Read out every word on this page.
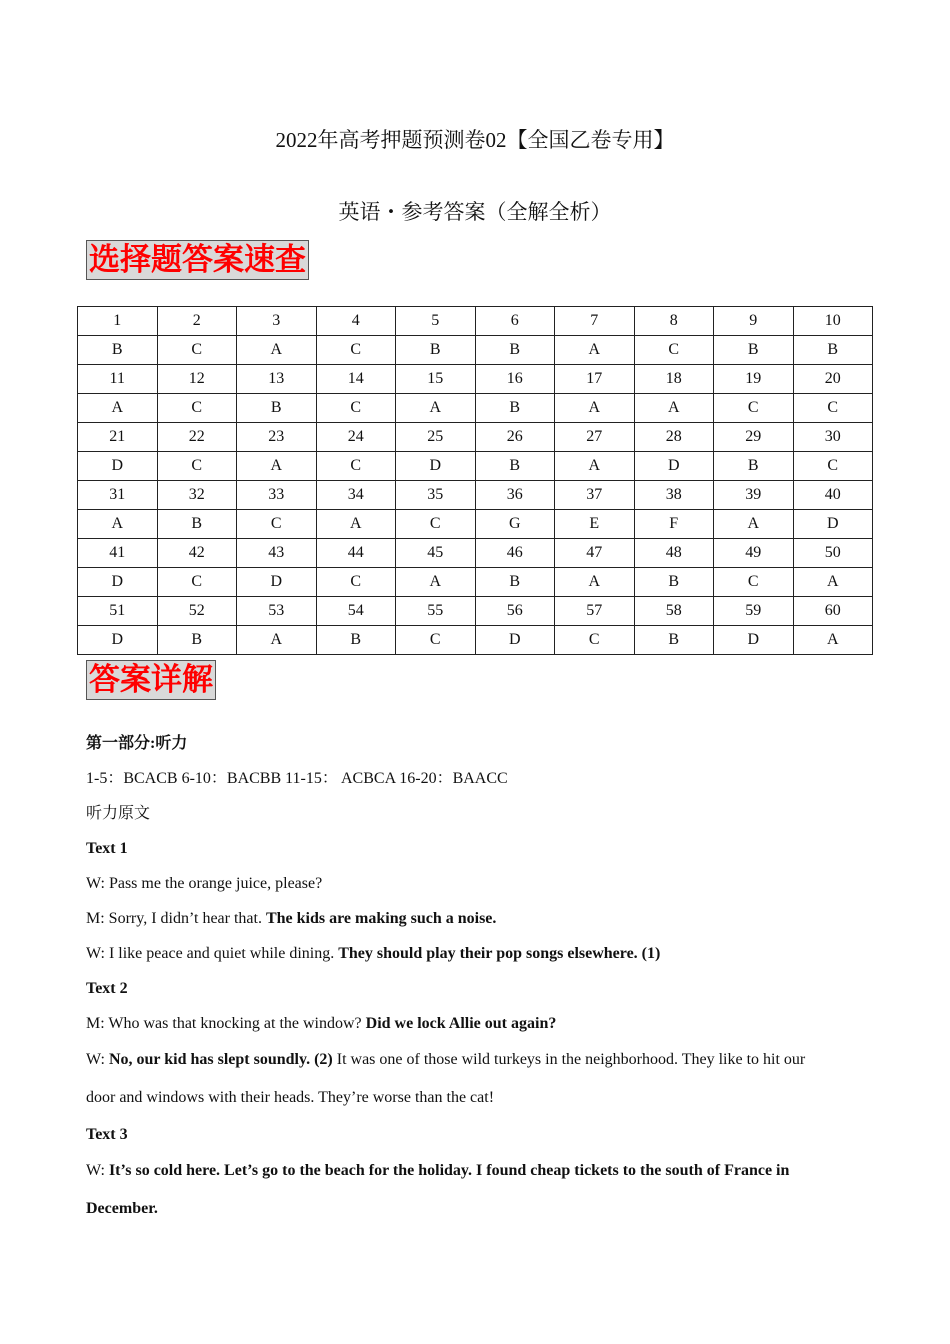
2022年高考押题预测卷02【全国乙卷专用】
英语・参考答案（全解全析）
选择题答案速查
1	2	3	4	5	6	7	8	9	10
B	C	A	C	B	B	A	C	B	B
11	12	13	14	15	16	17	18	19	20
A	C	B	C	A	B	A	A	C	C
21	22	23	24	25	26	27	28	29	30
D	C	A	C	D	B	A	D	B	C
31	32	33	34	35	36	37	38	39	40
A	B	C	A	C	G	E	F	A	D
41	42	43	44	45	46	47	48	49	50
D	C	D	C	A	B	A	B	C	A
51	52	53	54	55	56	57	58	59	60
D	B	A	B	C	D	C	B	D	A
答案详解

第一部分:听力

1-5：BCACB 6-10：BACBB 11-15： ACBCA 16-20：BAACC

听力原文

Text 1

W: Pass me the orange juice, please?

M: Sorry, I didn’t hear that. The kids are making such a noise.

W: I like peace and quiet while dining. They should play their pop songs elsewhere. (1)

Text 2

M: Who was that knocking at the window? Did we lock Allie out again?

W: No, our kid has slept soundly. (2) It was one of those wild turkeys in the neighborhood. They like to hit our

door and windows with their heads. They’re worse than the cat!

Text 3

W: It’s so cold here. Let’s go to the beach for the holiday. I found cheap tickets to the south of France in

December.
